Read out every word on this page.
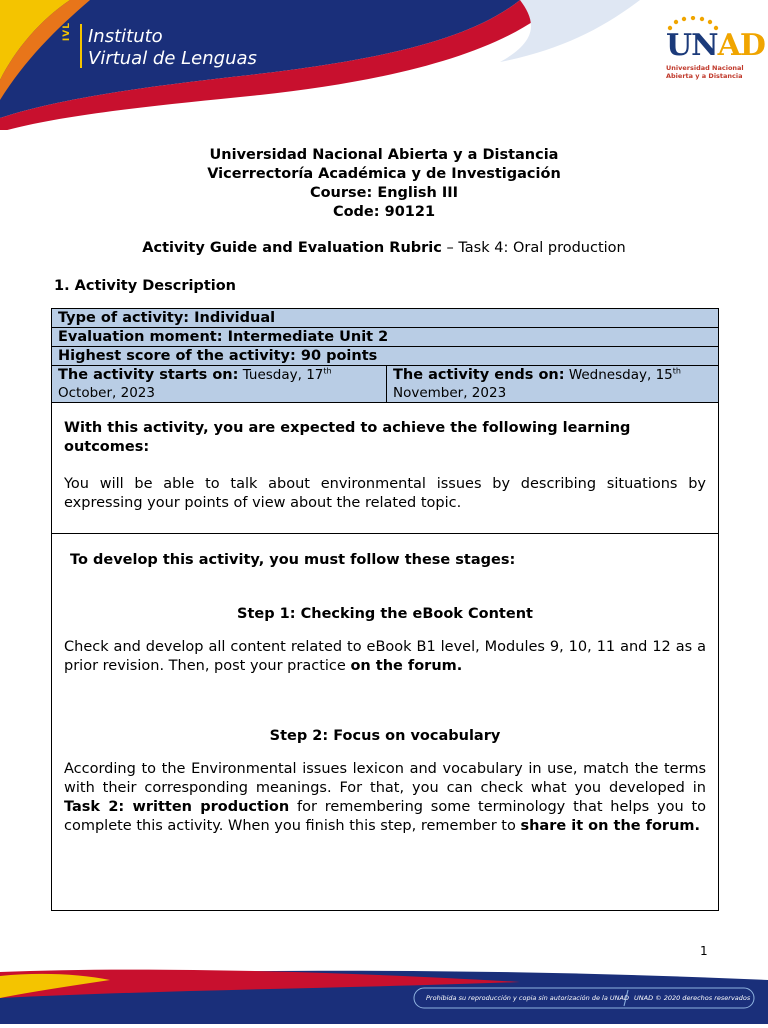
IVL Instituto
Virtual de Lenguas	UNAD
Universidad Nacional
Abierta y a Distancia
Universidad Nacional Abierta y a Distancia
Vicerrectoría Académica y de Investigación
Course: English III
Code: 90121
Activity Guide and Evaluation Rubric – Task 4: Oral production
1. Activity Description
Type of activity: Individual
Evaluation moment: Intermediate Unit 2
Highest score of the activity: 90 points
The activity starts on: Tuesday, 17th
October, 2023	The activity ends on: Wednesday, 15th November, 2023

With this activity, you are expected to achieve the following learning outcomes:

You will be able to talk about environmental issues by describing situations by expressing your points of view about the related topic.

To develop this activity, you must follow these stages:
Step 1: Checking the eBook Content

Check and develop all content related to eBook B1 level, Modules 9, 10, 11 and 12 as a prior revision. Then, post your practice on the forum.

Step 2: Focus on vocabulary

According to the Environmental issues lexicon and vocabulary in use, match the terms with their corresponding meanings. For that, you can check what you developed in Task 2: written production for remembering some terminology that helps you to complete this activity. When you finish this step, remember to share it on the forum.

1
Prohibida su reproducción y copia sin autorización de la UNAD UNAD © 2020 derechos reservados
